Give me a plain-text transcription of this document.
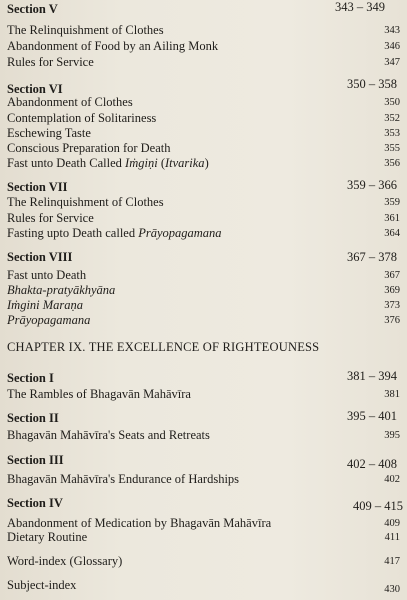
Section V	343 – 349
The Relinquishment of Clothes	343
Abandonment of Food by an Ailing Monk	346
Rules for Service	347
Section VI	350 – 358
Abandonment of Clothes	350
Contemplation of Solitariness	352
Eschewing Taste	353
Conscious Preparation for Death	355
Fast unto Death Called Iṁgiṇi (Itvarika)	356
Section VII	359 – 366
The Relinquishment of Clothes	359
Rules for Service	361
Fasting upto Death called Prāyopagamana	364
Section VIII	367 – 378
Fast unto Death	367
Bhakta-pratyākhyāna	369
Iṁgini Maraṇa	373
Prāyopagamana	376
CHAPTER IX. THE EXCELLENCE OF RIGHTEOUNESS
Section I	381 – 394
The Rambles of Bhagavān Mahāvīra	381
Section II	395 – 401
Bhagavān Mahāvīra's Seats and Retreats	395
Section III	402 – 408
Bhagavān Mahāvīra's Endurance of Hardships	402
Section IV	409 – 415
Abandonment of Medication by Bhagavān Mahāvīra	409
Dietary Routine	411
Word-index (Glossary)	417
Subject-index	430
